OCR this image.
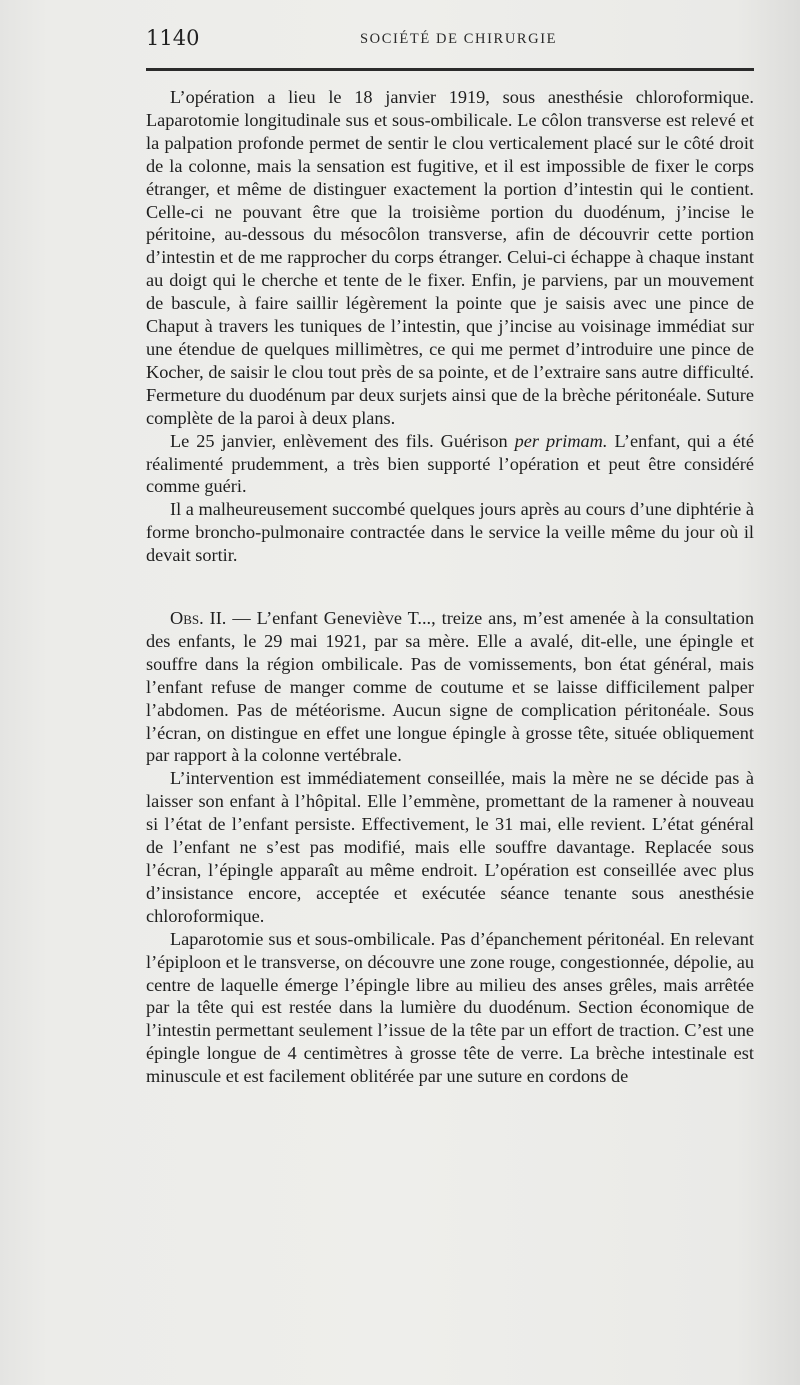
1140	SOCIÉTÉ DE CHIRURGIE

L’opération a lieu le 18 janvier 1919, sous anesthésie chloroformique. Laparotomie longitudinale sus et sous-ombilicale. Le côlon transverse est relevé et la palpation profonde permet de sentir le clou verticalement placé sur le côté droit de la colonne, mais la sensation est fugitive, et il est impossible de fixer le corps étranger, et même de distinguer exactement la portion d’intestin qui le contient. Celle-ci ne pouvant être que la troisième portion du duodénum, j’incise le péritoine, au-dessous du mésocôlon transverse, afin de découvrir cette portion d’intestin et de me rapprocher du corps étranger. Celui-ci échappe à chaque instant au doigt qui le cherche et tente de le fixer. Enfin, je parviens, par un mouvement de bascule, à faire saillir légèrement la pointe que je saisis avec une pince de Chaput à travers les tuniques de l’intestin, que j’incise au voisinage immédiat sur une étendue de quelques millimètres, ce qui me permet d’introduire une pince de Kocher, de saisir le clou tout près de sa pointe, et de l’extraire sans autre difficulté. Fermeture du duodénum par deux surjets ainsi que de la brèche péritonéale. Suture complète de la paroi à deux plans.

Le 25 janvier, enlèvement des fils. Guérison per primam. L’enfant, qui a été réalimenté prudemment, a très bien supporté l’opération et peut être considéré comme guéri.

Il a malheureusement succombé quelques jours après au cours d’une diphtérie à forme broncho-pulmonaire contractée dans le service la veille même du jour où il devait sortir.

Obs. II. — L’enfant Geneviève T..., treize ans, m’est amenée à la consultation des enfants, le 29 mai 1921, par sa mère. Elle a avalé, dit-elle, une épingle et souffre dans la région ombilicale. Pas de vomissements, bon état général, mais l’enfant refuse de manger comme de coutume et se laisse difficilement palper l’abdomen. Pas de météorisme. Aucun signe de complication péritonéale. Sous l’écran, on distingue en effet une longue épingle à grosse tête, située obliquement par rapport à la colonne vertébrale.

L’intervention est immédiatement conseillée, mais la mère ne se décide pas à laisser son enfant à l’hôpital. Elle l’emmène, promettant de la ramener à nouveau si l’état de l’enfant persiste. Effectivement, le 31 mai, elle revient. L’état général de l’enfant ne s’est pas modifié, mais elle souffre davantage. Replacée sous l’écran, l’épingle apparaît au même endroit. L’opération est conseillée avec plus d’insistance encore, acceptée et exécutée séance tenante sous anesthésie chloroformique.

Laparotomie sus et sous-ombilicale. Pas d’épanchement péritonéal. En relevant l’épiploon et le transverse, on découvre une zone rouge, congestionnée, dépolie, au centre de laquelle émerge l’épingle libre au milieu des anses grêles, mais arrêtée par la tête qui est restée dans la lumière du duodénum. Section économique de l’intestin permettant seulement l’issue de la tête par un effort de traction. C’est une épingle longue de 4 centimètres à grosse tête de verre. La brèche intestinale est minuscule et est facilement oblitérée par une suture en cordons de
